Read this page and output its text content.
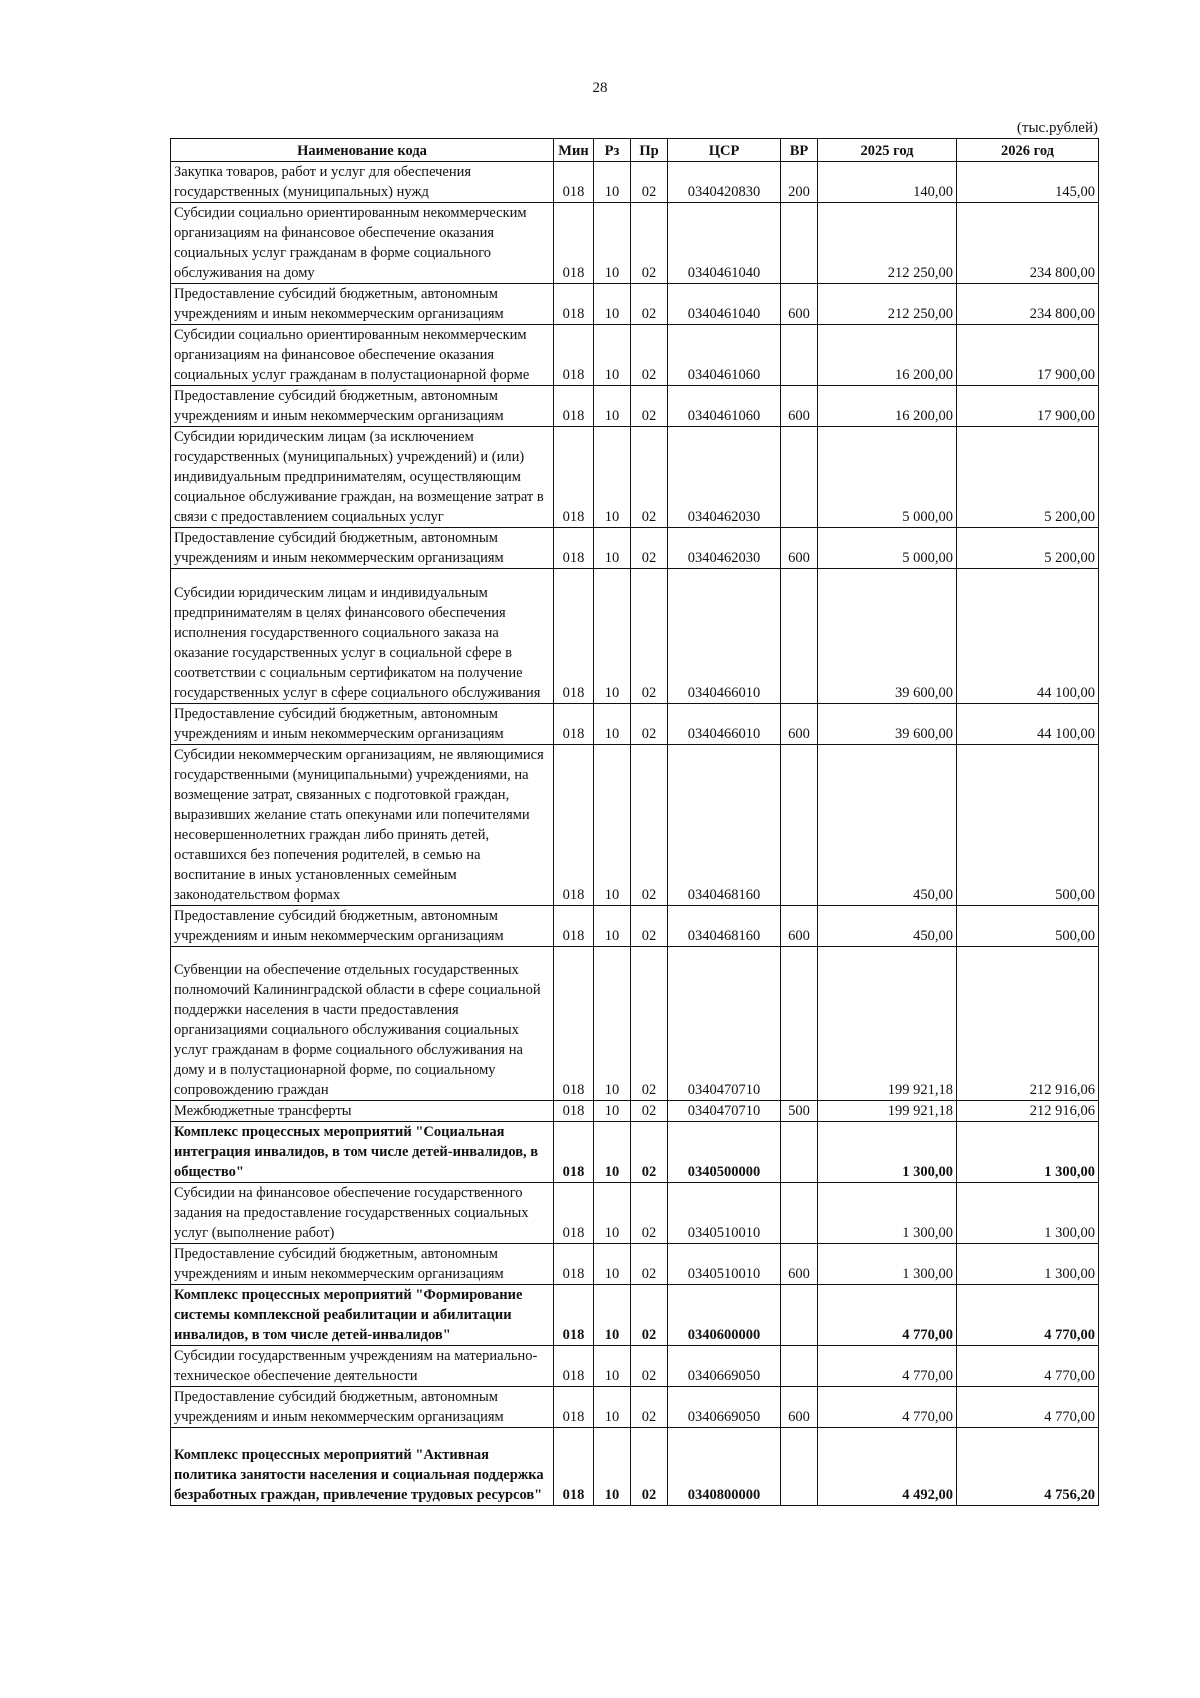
28
(тыс.рублей)
Наименование кода	Мин	Рз	Пр	ЦСР	ВР	2025 год	2026 год
Закупка товаров, работ и услуг для обеспечения государственных (муниципальных) нужд	018	10	02	0340420830	200	140,00	145,00
Субсидии социально ориентированным некоммерческим организациям на финансовое обеспечение оказания социальных услуг гражданам в форме социального обслуживания на дому	018	10	02	0340461040		212 250,00	234 800,00
Предоставление субсидий бюджетным, автономным учреждениям и иным некоммерческим организациям	018	10	02	0340461040	600	212 250,00	234 800,00
Субсидии социально ориентированным некоммерческим организациям на финансовое обеспечение оказания социальных услуг гражданам в полустационарной форме	018	10	02	0340461060		16 200,00	17 900,00
Предоставление субсидий бюджетным, автономным учреждениям и иным некоммерческим организациям	018	10	02	0340461060	600	16 200,00	17 900,00
Субсидии юридическим лицам (за исключением государственных (муниципальных) учреждений) и (или) индивидуальным предпринимателям, осуществляющим социальное обслуживание граждан, на возмещение затрат в связи с предоставлением социальных услуг	018	10	02	0340462030		5 000,00	5 200,00
Предоставление субсидий бюджетным, автономным учреждениям и иным некоммерческим организациям	018	10	02	0340462030	600	5 000,00	5 200,00
Субсидии юридическим лицам и индивидуальным предпринимателям в целях финансового обеспечения исполнения государственного социального заказа на оказание государственных услуг в социальной сфере в соответствии с социальным сертификатом на получение государственных услуг в сфере социального обслуживания	018	10	02	0340466010		39 600,00	44 100,00
Предоставление субсидий бюджетным, автономным учреждениям и иным некоммерческим организациям	018	10	02	0340466010	600	39 600,00	44 100,00
Субсидии некоммерческим организациям, не являющимися государственными (муниципальными) учреждениями, на возмещение затрат, связанных с подготовкой граждан, выразивших желание стать опекунами или попечителями несовершеннолетних граждан либо принять детей, оставшихся без попечения родителей, в семью на воспитание в иных установленных семейным законодательством формах	018	10	02	0340468160		450,00	500,00
Предоставление субсидий бюджетным, автономным учреждениям и иным некоммерческим организациям	018	10	02	0340468160	600	450,00	500,00
Субвенции на обеспечение отдельных государственных полномочий Калининградской области в сфере социальной поддержки населения в части предоставления организациями социального обслуживания социальных услуг гражданам в форме социального обслуживания на дому и в полустационарной форме, по социальному сопровождению граждан	018	10	02	0340470710		199 921,18	212 916,06
Межбюджетные трансферты	018	10	02	0340470710	500	199 921,18	212 916,06
Комплекс процессных мероприятий "Социальная интеграция инвалидов, в том числе детей-инвалидов, в общество"	018	10	02	0340500000		1 300,00	1 300,00
Субсидии на финансовое обеспечение государственного задания на предоставление государственных социальных услуг (выполнение работ)	018	10	02	0340510010		1 300,00	1 300,00
Предоставление субсидий бюджетным, автономным учреждениям и иным некоммерческим организациям	018	10	02	0340510010	600	1 300,00	1 300,00
Комплекс процессных мероприятий "Формирование системы комплексной реабилитации и абилитации инвалидов, в том числе детей-инвалидов"	018	10	02	0340600000		4 770,00	4 770,00
Субсидии государственным учреждениям на материально-техническое обеспечение деятельности	018	10	02	0340669050		4 770,00	4 770,00
Предоставление субсидий бюджетным, автономным учреждениям и иным некоммерческим организациям	018	10	02	0340669050	600	4 770,00	4 770,00
Комплекс процессных мероприятий "Активная политика занятости населения и социальная поддержка безработных граждан, привлечение трудовых ресурсов"	018	10	02	0340800000		4 492,00	4 756,20
